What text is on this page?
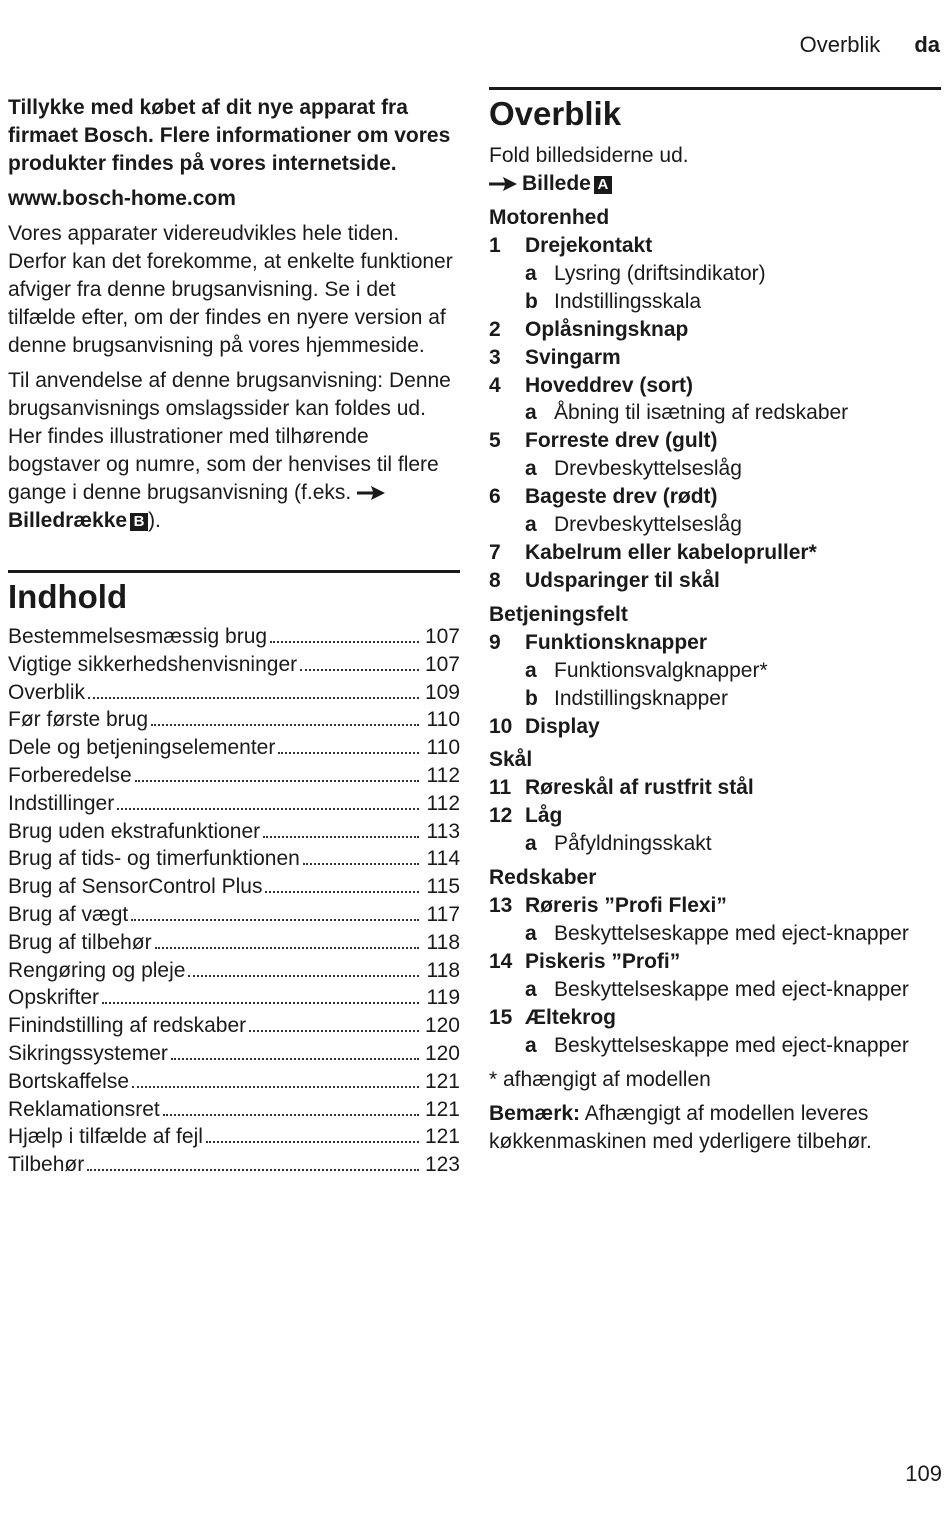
Overblik da

Tillykke med købet af dit nye apparat fra firmaet Bosch. Flere informationer om vores produkter findes på vores internetside.

www.bosch-home.com

Vores apparater videreudvikles hele tiden. Derfor kan det forekomme, at enkelte funktioner afviger fra denne brugsanvisning. Se i det tilfælde efter, om der findes en nyere version af denne brugsanvisning på vores hjemmeside.

Til anvendelse af denne brugsanvisning: Denne brugsanvisnings omslagssider kan foldes ud. Her findes illustrationer med tilhørende bogstaver og numre, som der henvises til flere gange i denne brugsanvisning (f.eks. Billedrække B ).

Indhold
Bestemmelsesmæssig brug	107
Vigtige sikkerhedshenvisninger	107
Overblik	109
Før første brug	110
Dele og betjeningselementer	110
Forberedelse	112
Indstillinger	112
Brug uden ekstrafunktioner	113
Brug af tids- og timerfunktionen	114
Brug af SensorControl Plus	115
Brug af vægt	117
Brug af tilbehør	118
Rengøring og pleje	118
Opskrifter	119
Finindstilling af redskaber	120
Sikringssystemer	120
Bortskaffelse	121
Reklamationsret	121
Hjælp i tilfælde af fejl	121
Tilbehør	123
Overblik
Fold billedsiderne ud.
Billede A
Motorenhed
1	Drejekontakt
a Lysring (driftsindikator)
b Indstillingsskala
2	Oplåsningsknap
3	Svingarm
4	Hoveddrev (sort)
a Åbning til isætning af redskaber
5	Forreste drev (gult)
a Drevbeskyttelseslåg
6	Bageste drev (rødt)
a Drevbeskyttelseslåg
7	Kabelrum eller kabelopruller*
8	Udsparinger til skål
Betjeningsfelt
9	Funktionsknapper
a Funktionsvalgknapper*
b Indstillingsknapper
10 Display
Skål
11 Røreskål af rustfrit stål
12 Låg
a Påfyldningsskakt
Redskaber
13 Røreris ”Profi Flexi”
a Beskyttelseskappe med eject-knapper
14 Piskeris ”Profi”
a Beskyttelseskappe med eject-knapper
15 Æltekrog
a Beskyttelseskappe med eject-knapper
* afhængigt af modellen
Bemærk: Afhængigt af modellen leveres køkkenmaskinen med yderligere tilbehør.
109
